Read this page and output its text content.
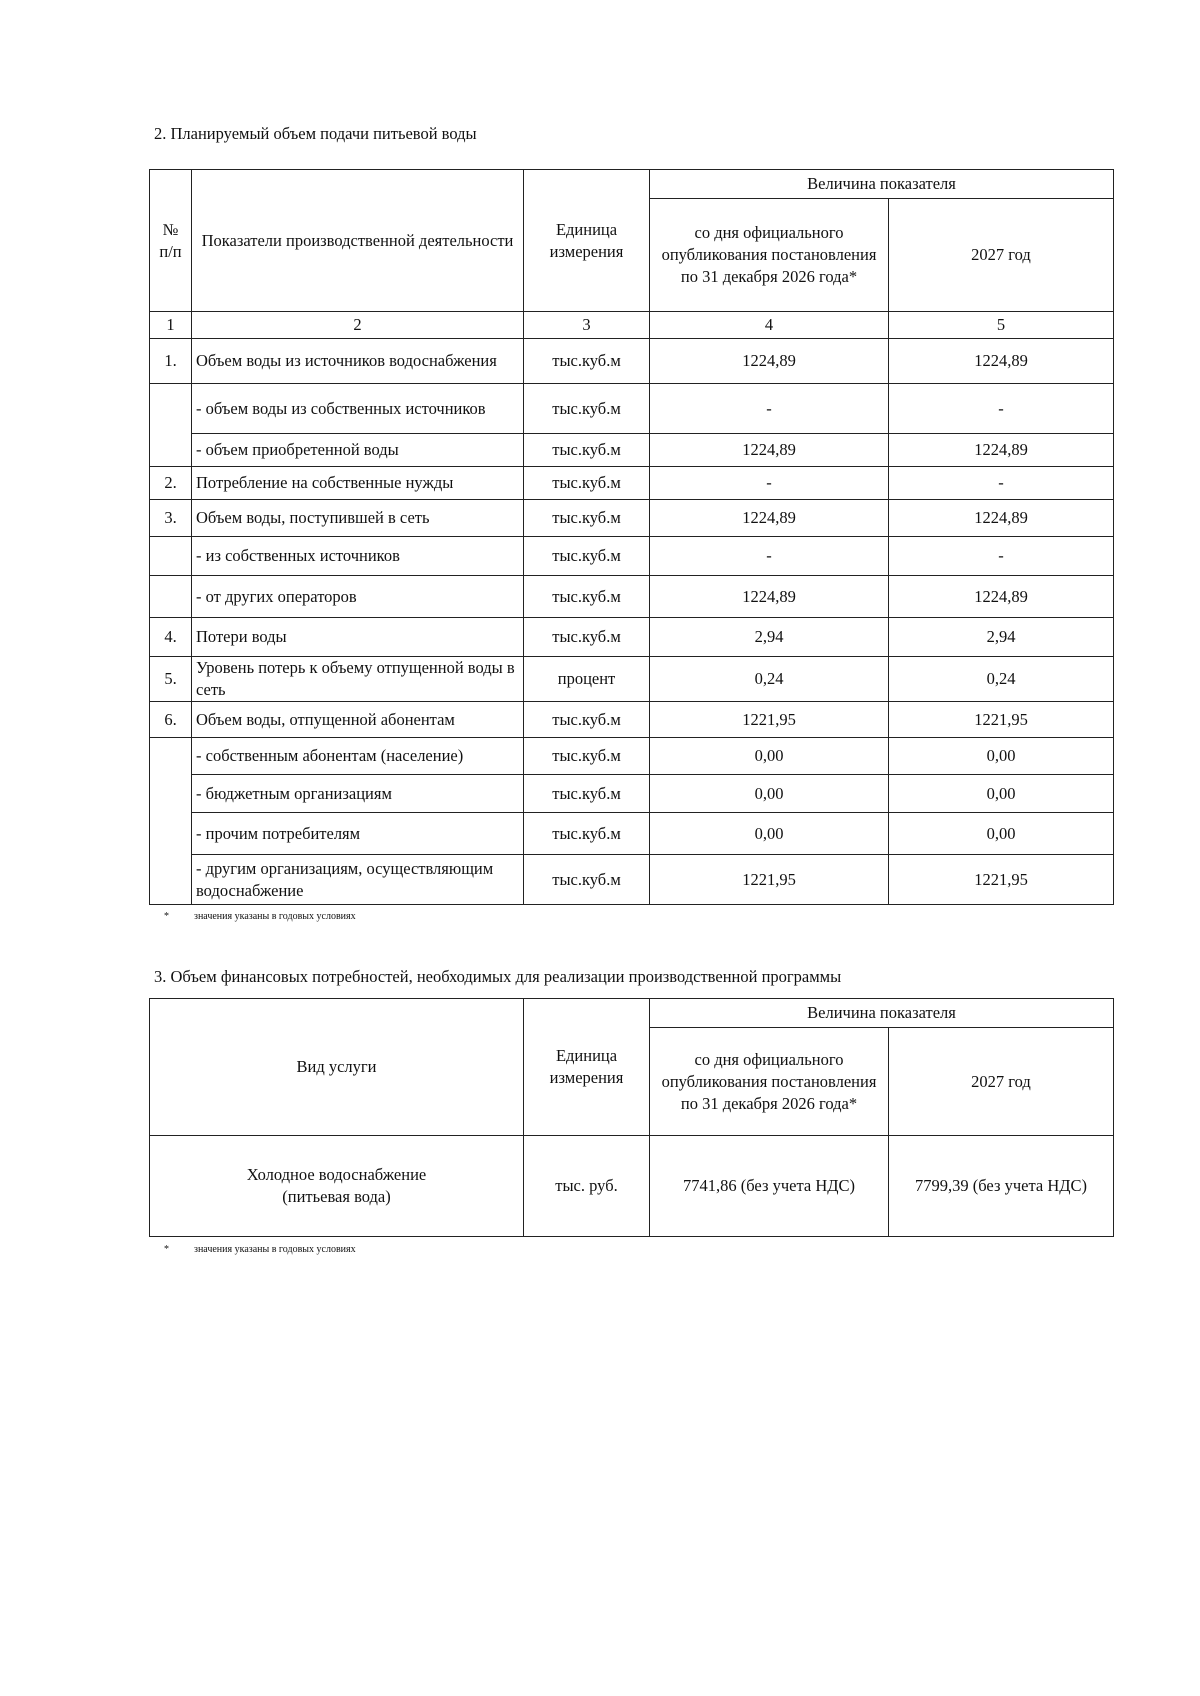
2. Планируемый объем подачи питьевой воды
№ п/п	Показатели производственной деятельности	Единица измерения	Величина показателя	
			со дня официального опубликования постановления по 31 декабря 2026 года*	2027 год
1	2	3	4	5
1.	Объем воды из источников водоснабжения	тыс.куб.м	1224,89	1224,89
	- объем воды из собственных источников	тыс.куб.м	-	-
	- объем приобретенной воды	тыс.куб.м	1224,89	1224,89
2.	Потребление на собственные нужды	тыс.куб.м	-	-
3.	Объем воды, поступившей в сеть	тыс.куб.м	1224,89	1224,89
	- из собственных источников	тыс.куб.м	-	-
	- от других операторов	тыс.куб.м	1224,89	1224,89
4.	Потери воды	тыс.куб.м	2,94	2,94
5.	Уровень потерь к объему отпущенной воды в сеть	процент	0,24	0,24
6.	Объем воды, отпущенной абонентам	тыс.куб.м	1221,95	1221,95
	- собственным абонентам (население)	тыс.куб.м	0,00	0,00
	- бюджетным организациям	тыс.куб.м	0,00	0,00
	- прочим потребителям	тыс.куб.м	0,00	0,00
	- другим организациям, осуществляющим водоснабжение	тыс.куб.м	1221,95	1221,95
*	значения указаны в годовых условиях
3. Объем финансовых потребностей, необходимых для реализации производственной программы
Вид услуги	Единица измерения	Величина показателя	
		со дня официального опубликования постановления по 31 декабря 2026 года*	2027 год
Холодное водоснабжение (питьевая вода)	тыс. руб.	7741,86 (без учета НДС)	7799,39 (без учета НДС)
*	значения указаны в годовых условиях
